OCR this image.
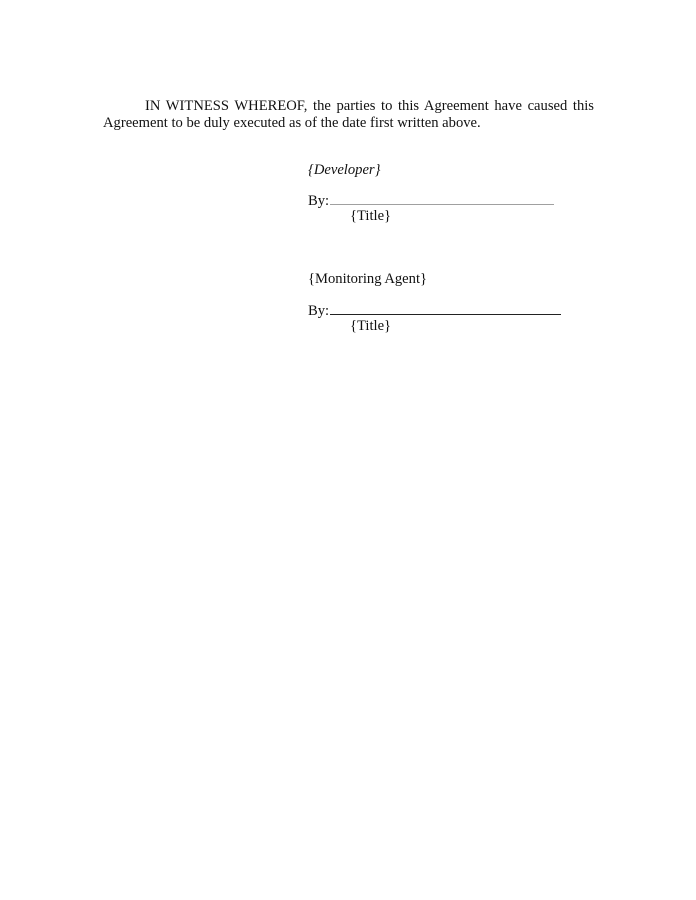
IN WITNESS WHEREOF, the parties to this Agreement have caused this Agreement to be duly executed as of the date first written above.

{Developer}
By:
{Title}
{Monitoring Agent}
By:
{Title}
